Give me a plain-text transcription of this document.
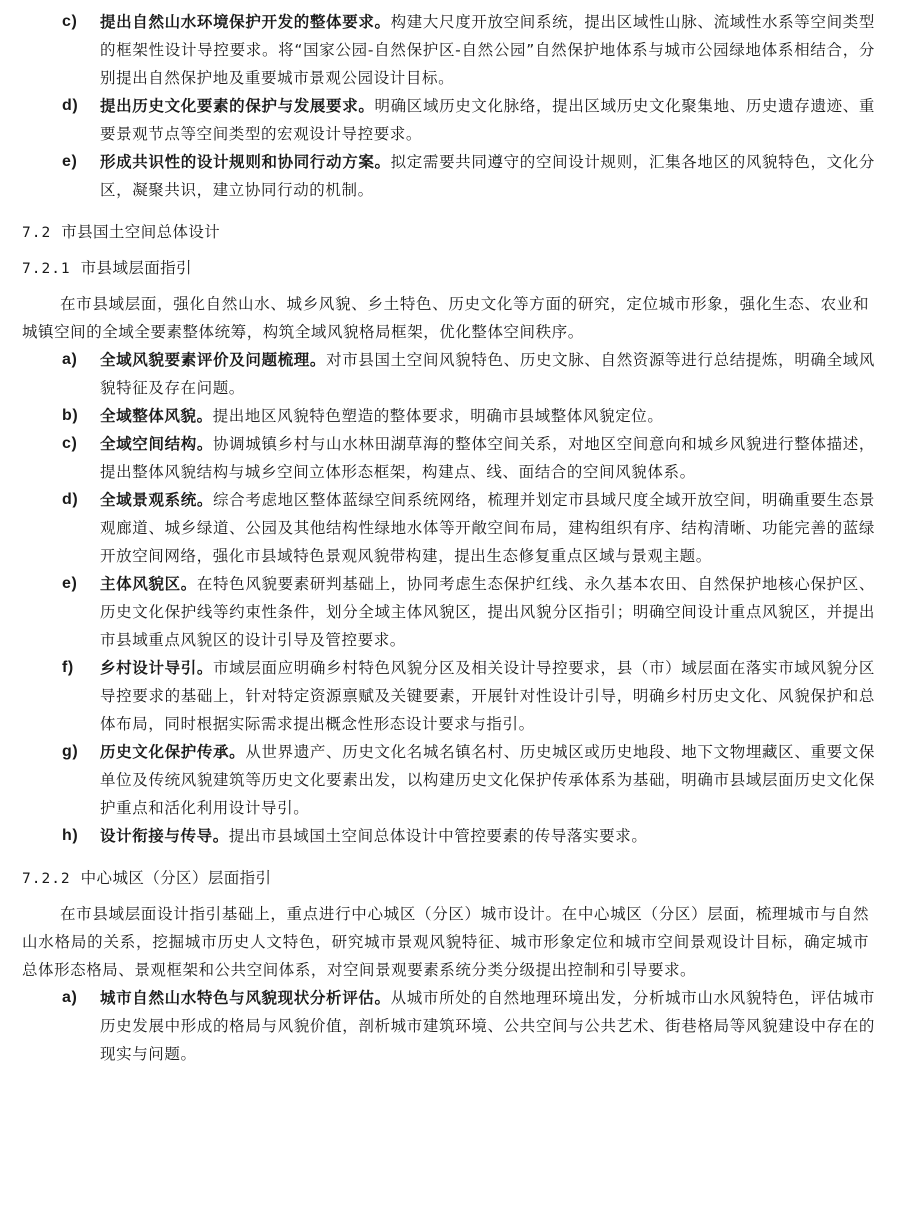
c) 提出自然山水环境保护开发的整体要求。构建大尺度开放空间系统，提出区域性山脉、流域性水系等空间类型的框架性设计导控要求。将“国家公园-自然保护区-自然公园”自然保护地体系与城市公园绿地体系相结合，分别提出自然保护地及重要城市景观公园设计目标。
d) 提出历史文化要素的保护与发展要求。明确区域历史文化脉络，提出区域历史文化聚集地、历史遗存遗迹、重要景观节点等空间类型的宏观设计导控要求。
e) 形成共识性的设计规则和协同行动方案。拟定需要共同遵守的空间设计规则，汇集各地区的风貌特色，文化分区，凝聚共识，建立协同行动的机制。
7.2 市县国土空间总体设计
7.2.1 市县域层面指引
在市县域层面，强化自然山水、城乡风貌、乡土特色、历史文化等方面的研究，定位城市形象，强化生态、农业和城镇空间的全域全要素整体统筹，构筑全域风貌格局框架，优化整体空间秩序。
a) 全域风貌要素评价及问题梳理。对市县国土空间风貌特色、历史文脉、自然资源等进行总结提炼，明确全域风貌特征及存在问题。
b) 全域整体风貌。提出地区风貌特色塑造的整体要求，明确市县域整体风貌定位。
c) 全域空间结构。协调城镇乡村与山水林田湖草海的整体空间关系，对地区空间意向和城乡风貌进行整体描述，提出整体风貌结构与城乡空间立体形态框架，构建点、线、面结合的空间风貌体系。
d) 全域景观系统。综合考虑地区整体蓝绿空间系统网络，梳理并划定市县域尺度全域开放空间，明确重要生态景观廊道、城乡绿道、公园及其他结构性绿地水体等开敞空间布局，建构组织有序、结构清晰、功能完善的蓝绿开放空间网络，强化市县域特色景观风貌带构建，提出生态修复重点区域与景观主题。
e) 主体风貌区。在特色风貌要素研判基础上，协同考虑生态保护红线、永久基本农田、自然保护地核心保护区、历史文化保护线等约束性条件，划分全域主体风貌区，提出风貌分区指引；明确空间设计重点风貌区，并提出市县域重点风貌区的设计引导及管控要求。
f) 乡村设计导引。市域层面应明确乡村特色风貌分区及相关设计导控要求，县（市）域层面在落实市域风貌分区导控要求的基础上，针对特定资源禀赋及关键要素，开展针对性设计引导，明确乡村历史文化、风貌保护和总体布局，同时根据实际需求提出概念性形态设计要求与指引。
g) 历史文化保护传承。从世界遗产、历史文化名城名镇名村、历史城区或历史地段、地下文物埋藏区、重要文保单位及传统风貌建筑等历史文化要素出发，以构建历史文化保护传承体系为基础，明确市县域层面历史文化保护重点和活化利用设计导引。
h) 设计衔接与传导。提出市县域国土空间总体设计中管控要素的传导落实要求。
7.2.2 中心城区（分区）层面指引
在市县域层面设计指引基础上，重点进行中心城区（分区）城市设计。在中心城区（分区）层面，梳理城市与自然山水格局的关系，挖掘城市历史人文特色，研究城市景观风貌特征、城市形象定位和城市空间景观设计目标，确定城市总体形态格局、景观框架和公共空间体系，对空间景观要素系统分类分级提出控制和引导要求。
a) 城市自然山水特色与风貌现状分析评估。从城市所处的自然地理环境出发，分析城市山水风貌特色，评估城市历史发展中形成的格局与风貌价值，剖析城市建筑环境、公共空间与公共艺术、街巷格局等风貌建设中存在的现实与问题。
